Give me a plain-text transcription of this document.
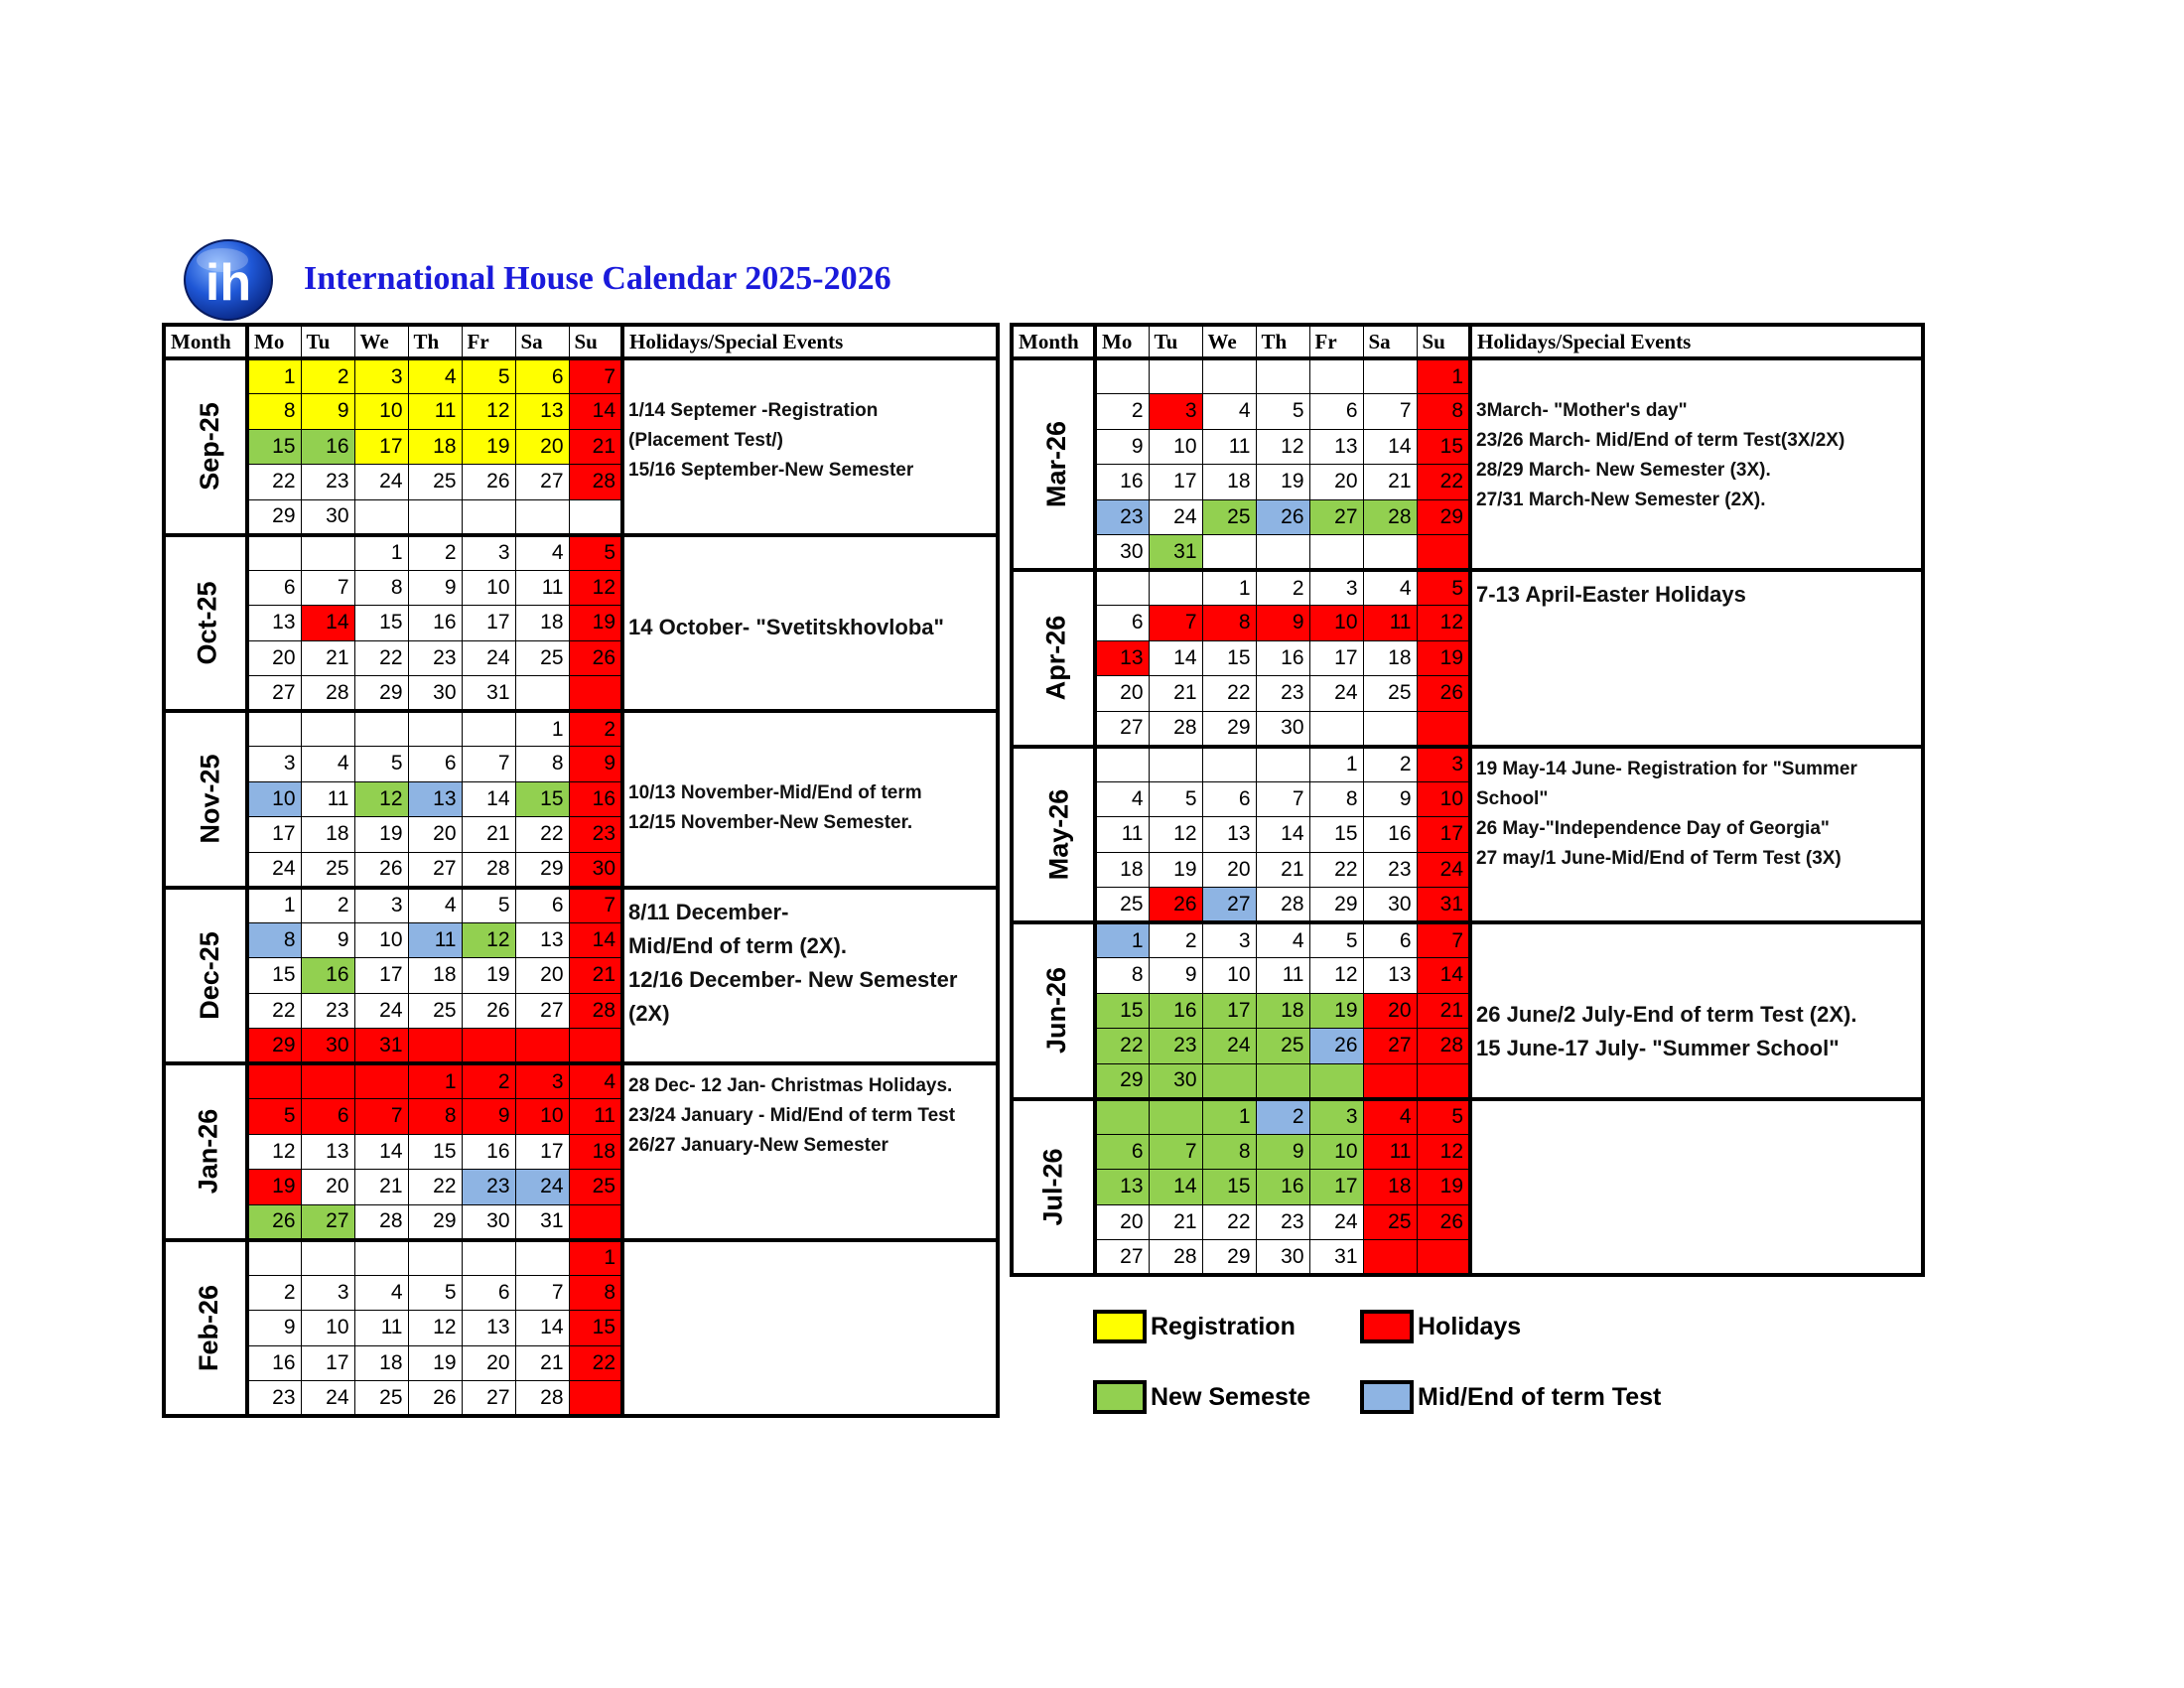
ih International House Calendar 2025-2026
Month	Mo	Tu	We	Th	Fr	Sa	Su	Holidays/Special Events
Sep-25	1	2	3	4	5	6	7	1/14 Septemer -Registration
(Placement Test/)
15/16 September-New Semester

	8	9	10	11	12	13	14	
	15	16	17	18	19	20	21	
	22	23	24	25	26	27	28	
	29	30						
Oct-25			1	2	3	4	5	14 October- "Svetitskhovloba"

	6	7	8	9	10	11	12	
	13	14	15	16	17	18	19	
	20	21	22	23	24	25	26	
	27	28	29	30	31			
Nov-25						1	2	10/13 November-Mid/End of term
12/15 November-New Semester.

	3	4	5	6	7	8	9	
	10	11	12	13	14	15	16	
	17	18	19	20	21	22	23	
	24	25	26	27	28	29	30	
Dec-25	1	2	3	4	5	6	7	8/11 December-
Mid/End of term (2X).
12/16 December- New Semester
(2X)

	8	9	10	11	12	13	14	
	15	16	17	18	19	20	21	
	22	23	24	25	26	27	28	
	29	30	31					
Jan-26				1	2	3	4	28 Dec- 12 Jan- Christmas Holidays.
23/24 January - Mid/End of term Test
26/27 January-New Semester

	5	6	7	8	9	10	11	
	12	13	14	15	16	17	18	
	19	20	21	22	23	24	25	
	26	27	28	29	30	31		
Feb-26							1	
	2	3	4	5	6	7	8	
	9	10	11	12	13	14	15	
	16	17	18	19	20	21	22	
	23	24	25	26	27	28		
Month	Mo	Tu	We	Th	Fr	Sa	Su	Holidays/Special Events
Mar-26							1	3March- "Mother's day"
23/26 March- Mid/End of term Test(3X/2X)
28/29 March- New Semester (3X).
27/31 March-New Semester (2X).

	2	3	4	5	6	7	8	
	9	10	11	12	13	14	15	
	16	17	18	19	20	21	22	
	23	24	25	26	27	28	29	
	30	31						
Apr-26			1	2	3	4	5	7-13 April-Easter Holidays

	6	7	8	9	10	11	12	
	13	14	15	16	17	18	19	
	20	21	22	23	24	25	26	
	27	28	29	30				
May-26					1	2	3	19 May-14 June- Registration for "Summer
School"
26 May-"Independence Day of Georgia"
27 may/1 June-Mid/End of Term Test (3X)

	4	5	6	7	8	9	10	
	11	12	13	14	15	16	17	
	18	19	20	21	22	23	24	
	25	26	27	28	29	30	31	
Jun-26	1	2	3	4	5	6	7	26 June/2 July-End of term Test (2X).
15 June-17 July- "Summer School"

	8	9	10	11	12	13	14	
	15	16	17	18	19	20	21	
	22	23	24	25	26	27	28	
	29	30						
Jul-26			1	2	3	4	5	
	6	7	8	9	10	11	12	
	13	14	15	16	17	18	19	
	20	21	22	23	24	25	26	
	27	28	29	30	31			
Registration	Holidays
New Semeste	Mid/End of term Test
